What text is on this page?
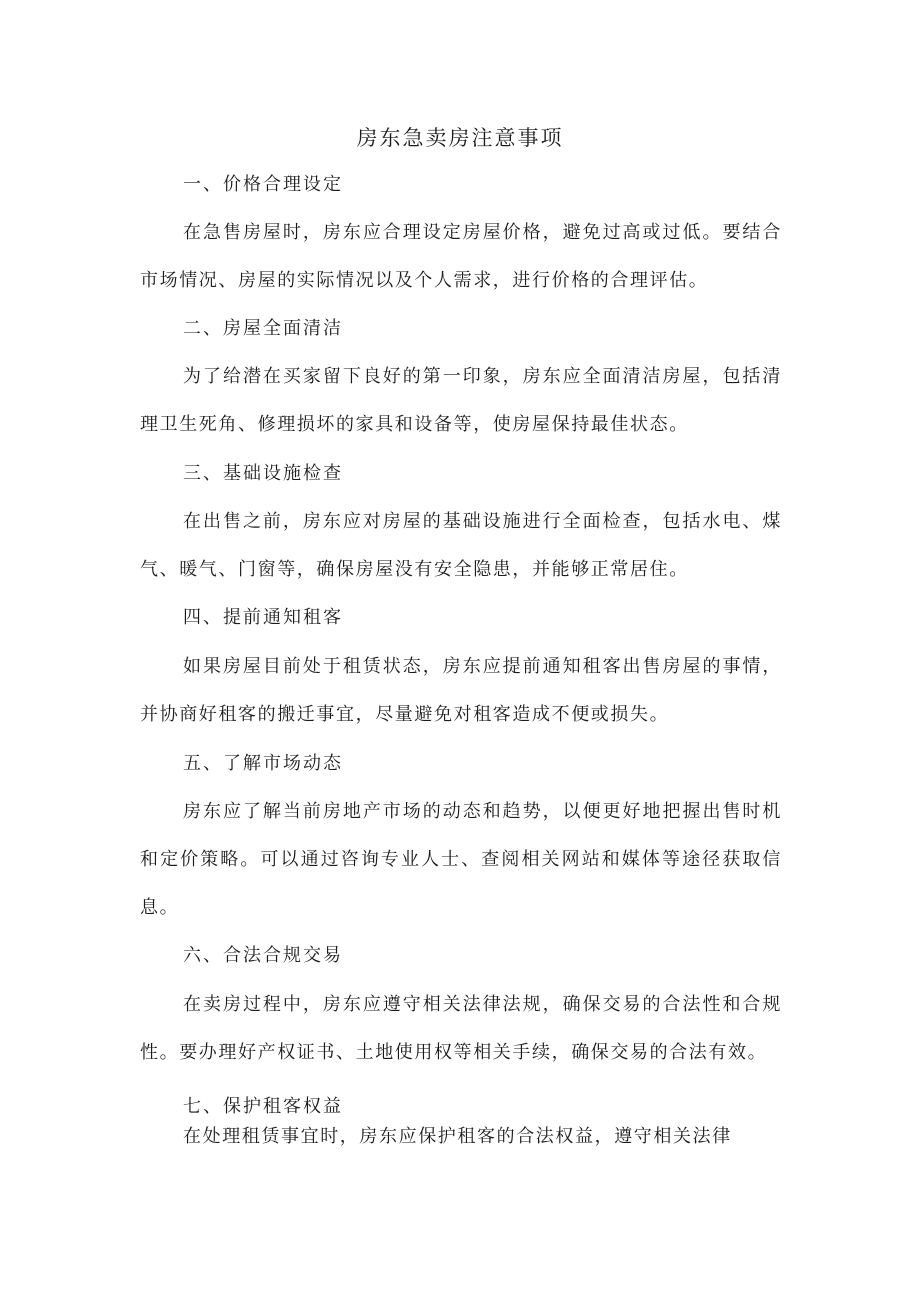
房东急卖房注意事项
一、价格合理设定

在急售房屋时，房东应合理设定房屋价格，避免过高或过低。要结合市场情况、房屋的实际情况以及个人需求，进行价格的合理评估。

二、房屋全面清洁

为了给潜在买家留下良好的第一印象，房东应全面清洁房屋，包括清理卫生死角、修理损坏的家具和设备等，使房屋保持最佳状态。

三、基础设施检查

在出售之前，房东应对房屋的基础设施进行全面检查，包括水电、煤气、暖气、门窗等，确保房屋没有安全隐患，并能够正常居住。

四、提前通知租客

如果房屋目前处于租赁状态，房东应提前通知租客出售房屋的事情，并协商好租客的搬迁事宜，尽量避免对租客造成不便或损失。

五、了解市场动态

房东应了解当前房地产市场的动态和趋势，以便更好地把握出售时机和定价策略。可以通过咨询专业人士、查阅相关网站和媒体等途径获取信息。

六、合法合规交易

在卖房过程中，房东应遵守相关法律法规，确保交易的合法性和合规性。要办理好产权证书、土地使用权等相关手续，确保交易的合法有效。

七、保护租客权益

在处理租赁事宜时，房东应保护租客的合法权益，遵守相关法律
